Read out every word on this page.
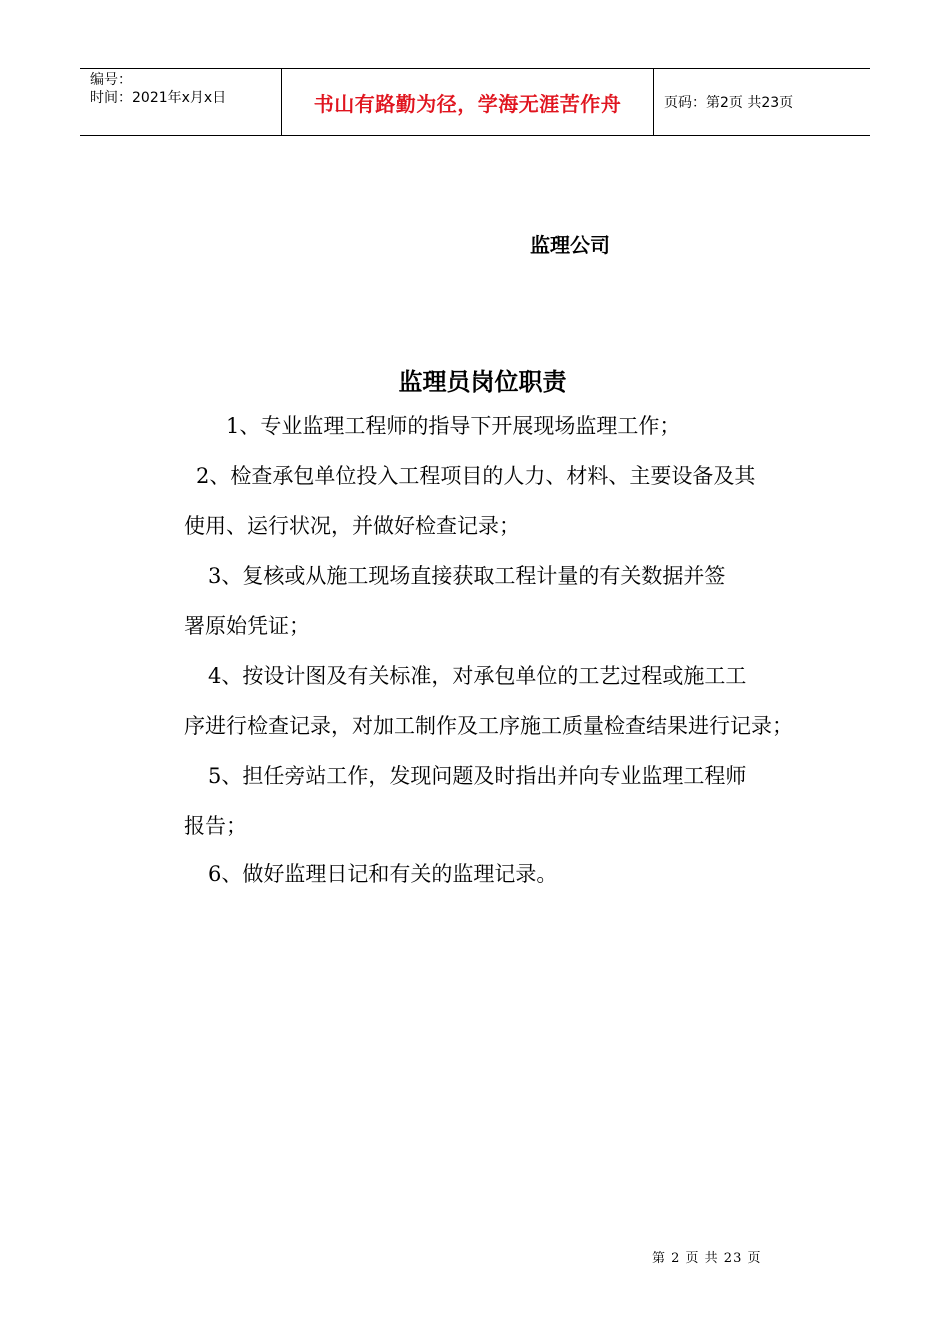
编号：
时间：2021年x月x日	书山有路勤为径，学海无涯苦作舟	页码：第2页 共23页
监理公司
监理员岗位职责
1、专业监理工程师的指导下开展现场监理工作；
2、检查承包单位投入工程项目的人力、材料、主要设备及其
使用、运行状况，并做好检查记录；
3、复核或从施工现场直接获取工程计量的有关数据并签
署原始凭证；
4、按设计图及有关标准，对承包单位的工艺过程或施工工
序进行检查记录，对加工制作及工序施工质量检查结果进行记录；
5、担任旁站工作，发现问题及时指出并向专业监理工程师
报告；
6、做好监理日记和有关的监理记录。
第 2 页 共 23 页
